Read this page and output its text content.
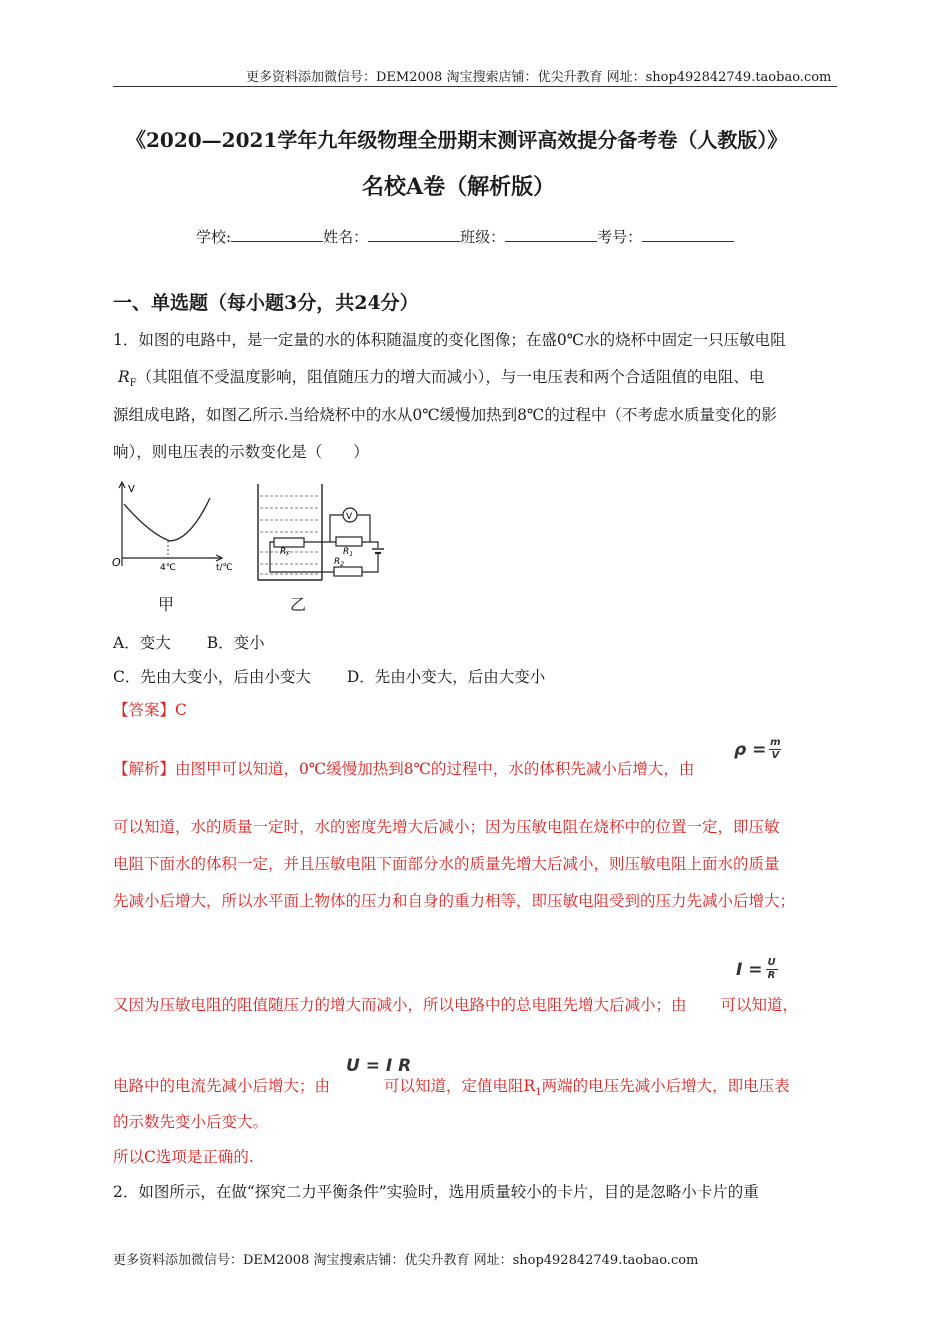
更多资料添加微信号：DEM2008 淘宝搜索店铺：优尖升教育 网址：shop492842749.taobao.com
《2020—2021学年九年级物理全册期末测评高效提分备考卷（人教版）》
名校A卷（解析版）
学校:	姓名：	班级：	考号：
一、单选题（每小题3分，共24分）
1．如图的电路中，是一定量的水的体积随温度的变化图像；在盛0℃水的烧杯中固定一只压敏电阻
$R_F$（其阻值不受温度影响，阻值随压力的增大而减小），与一电压表和两个合适阻值的电阻、电
源组成电路，如图乙所示.当给烧杯中的水从0℃缓慢加热到8℃的过程中（不考虑水质量变化的影
响），则电压表的示数变化是（　　）
V
O	4℃	t/℃
$R_F$	$R_1$
V
$R_2$
甲	乙
A．变大 B．变小
C．先由大变小，后由小变大 D．先由小变大，后由大变小
【答案】C
【解析】由图甲可以知道，0℃缓慢加热到8℃的过程中，水的体积先减小后增大，由
$\rho = \frac{m}{V}$
可以知道，水的质量一定时，水的密度先增大后减小；因为压敏电阻在烧杯中的位置一定，即压敏
电阻下面水的体积一定，并且压敏电阻下面部分水的质量先增大后减小，则压敏电阻上面水的质量
先减小后增大，所以水平面上物体的压力和自身的重力相等，即压敏电阻受到的压力先减小后增大；
$I = \frac{U}{R}$
又因为压敏电阻的阻值随压力的增大而减小，所以电路中的总电阻先增大后减小；由 可以知道，
U = I R
电路中的电流先减小后增大；由	可以知道，定值电阻$R_1$两端的电压先减小后增大，即电压表
的示数先变小后变大。
所以C选项是正确的.
2．如图所示，在做“探究二力平衡条件”实验时，选用质量较小的卡片，目的是忽略小卡片的重
更多资料添加微信号：DEM2008 淘宝搜索店铺：优尖升教育 网址：shop492842749.taobao.com
